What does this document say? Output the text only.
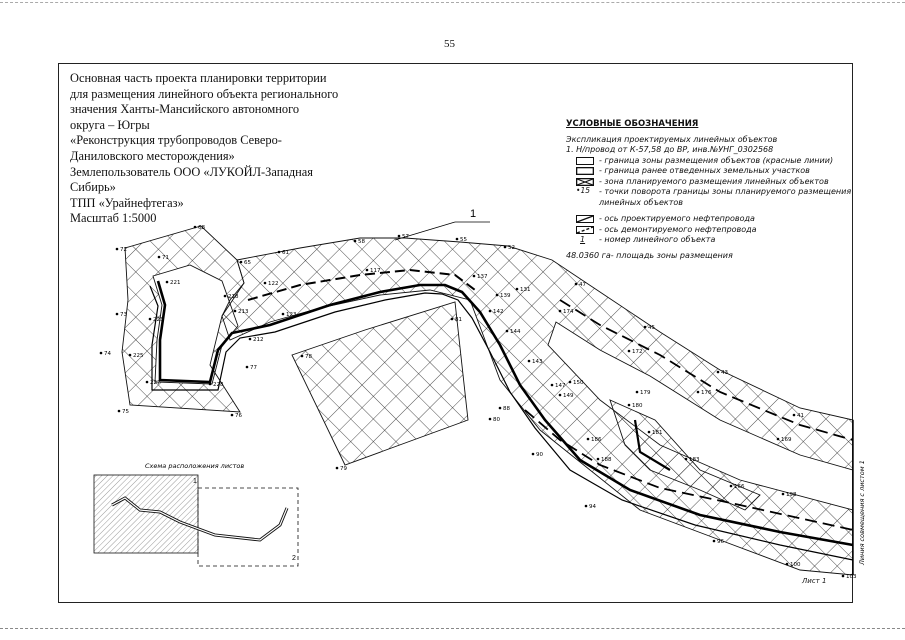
55
Основная часть проекта планировки территории
для размещения линейного объекта регионального
значения Ханты-Мансийского автономного
округа – Югры
«Реконструкция трубопроводов Северо-
Даниловского месторождения»
Землепользователь ООО «ЛУКОЙЛ-Западная
Сибирь»
ТПП «Урайнефтегаз»
Масштаб 1:5000
УСЛОВНЫЕ ОБОЗНАЧЕНИЯ
Экспликация проектируемых линейных объектов
1. Н/провод от К-57,58 до ВР, инв.№УНГ_0302568
- граница зоны размещения объектов (красные линии)
- граница ранее отведенных земельных участков
- зона планируемого размещения линейных объектов
•15	- точки поворота границы зоны планируемого размещения
линейных объектов
- ось проектируемого нефтепровода
- ось демонтируемого нефтепровода
1	- номер линейного объекта
48.0360 га- площадь зоны размещения
1
68
72
71
65
61
58
57	55
52
122
117
137
131
47
221
218
213	123
139
174
73
223
212
81
142
45
74	225	78
77
144
172
227	228
143
147 150
179
43
149	176
75
76
80
88	180
41
181
186	169
188	183
90
79
166
198
94
96
100
103
Схема расположения листов
1
2	Линия совмещения с листом 1
Лист 1
